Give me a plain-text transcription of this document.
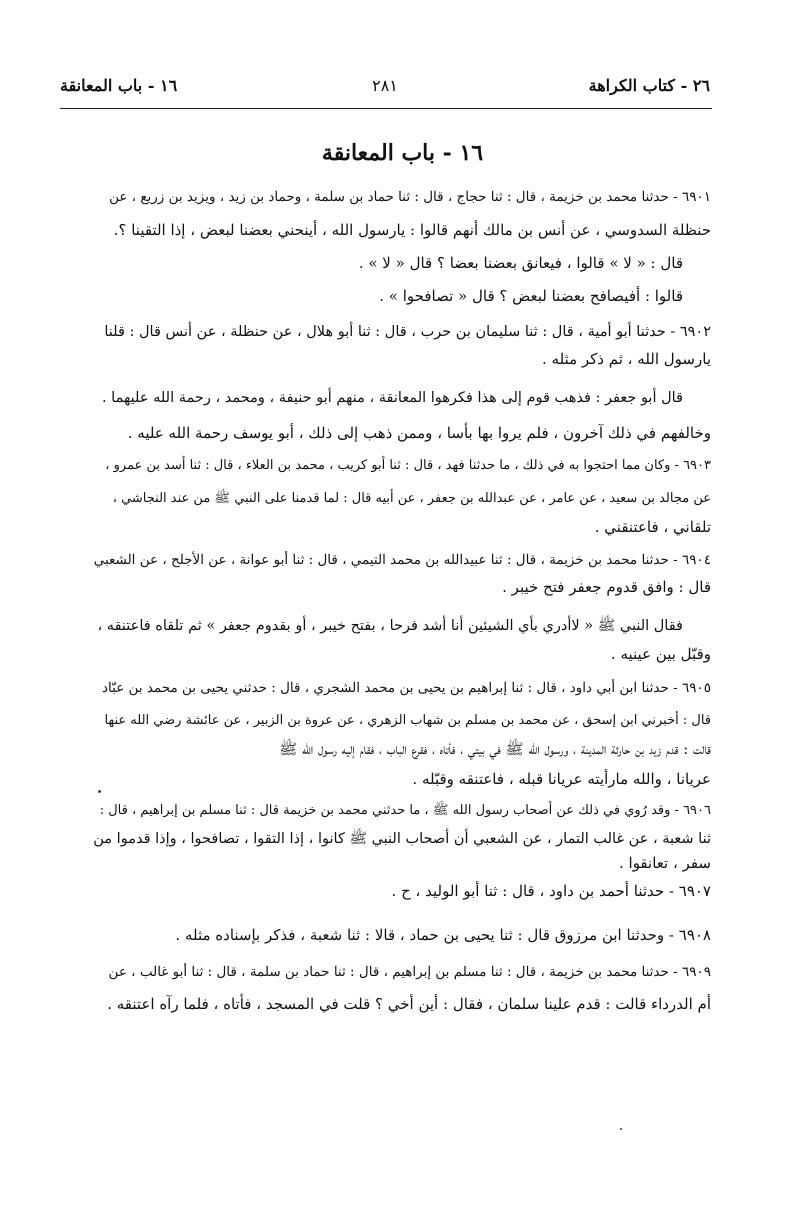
٢٦ - كتاب الكراهة
٢٨١
١٦ - باب المعانقة
١٦ - باب المعانقة
٦٩٠١ - حدثنا محمد بن خزيمة ، قال : ثنا حجاج ، قال : ثنا حماد بن سلمة ، وحماد بن زيد ، ويزيد بن زريع ، عن
حنظلة السدوسي ، عن أنس بن مالك أنهم قالوا : يارسول الله ، أينحني بعضنا لبعض ، إذا التقينا ؟.
قال : « لا » قالوا ، فيعانق بعضنا بعضا ؟ قال « لا » .
قالوا : أفيصافح بعضنا لبعض ؟ قال « تصافحوا » .
٦٩٠٢ - حدثنا أبو أمية ، قال : ثنا سليمان بن حرب ، قال : ثنا أبو هلال ، عن حنظلة ، عن أنس قال : قلنا
يارسول الله ، ثم ذكر مثله .
قال أبو جعفر : فذهب قوم إلى هذا فكرهوا المعانقة ، منهم أبو حنيفة ، ومحمد ، رحمة الله عليهما .
وخالفهم في ذلك آخرون ، فلم يروا بها بأسا ، وممن ذهب إلى ذلك ، أبو يوسف رحمة الله عليه .
٦٩٠٣ - وكان مما احتجوا به في ذلك ، ما حدثنا فهد ، قال : ثنا أبو كريب ، محمد بن العلاء ، قال : ثنا أسد بن عمرو ،
عن مجالد بن سعيد ، عن عامر ، عن عبدالله بن جعفر ، عن أبيه قال : لما قدمنا على النبي ﷺ من عند النجاشي ،
تلقاني ، فاعتنقني .
٦٩٠٤ - حدثنا محمد بن خزيمة ، قال : ثنا عبيدالله بن محمد التيمي ، قال : ثنا أبو عوانة ، عن الأجلح ، عن الشعبي
قال : وافق قدوم جعفر فتح خيبر .
فقال النبي ﷺ « لاأدري بأي الشيئين أنا أشد فرحا ، بفتح خيبر ، أو بقدوم جعفر » ثم تلقاه فاعتنقه ،
وقبّل بين عينيه .
٦٩٠٥ - حدثنا ابن أبي داود ، قال : ثنا إبراهيم بن يحيى بن محمد الشجري ، قال : حدثني يحيى بن محمد بن عبّاد
قال : أخبرني ابن إسحق ، عن محمد بن مسلم بن شهاب الزهري ، عن عروة بن الزبير ، عن عائشة رضي الله عنها
قالت : قدم زيد بن حارثة المدينة ، ورسول الله ﷺ في بيتي ، فأتاه ، فقرع الباب ، فقام إليه رسول الله ﷺ
عريانا ، والله مارأيته عريانا قبله ، فاعتنقه وقبّله .
٦٩٠٦ - وقد رُوي في ذلك عن أصحاب رسول الله ﷺ ، ما حدثني محمد بن خزيمة قال : ثنا مسلم بن إبراهيم ، قال :
ثنا شعبة ، عن غالب التمار ، عن الشعبي أن أصحاب النبي ﷺ كانوا ، إذا التقوا ، تصافحوا ، وإذا قدموا من
سفر ، تعانقوا .
٦٩٠٧ - حدثنا أحمد بن داود ، قال : ثنا أبو الوليد ، ح .
٦٩٠٨ - وحدثنا ابن مرزوق قال : ثنا يحيى بن حماد ، قالا : ثنا شعبة ، فذكر بإسناده مثله .
٦٩٠٩ - حدثنا محمد بن خزيمة ، قال : ثنا مسلم بن إبراهيم ، قال : ثنا حماد بن سلمة ، قال : ثنا أبو غالب ، عن
أم الدرداء قالت : قدم علينا سلمان ، فقال : أين أخي ؟ قلت في المسجد ، فأتاه ، فلما رآه اعتنقه .
